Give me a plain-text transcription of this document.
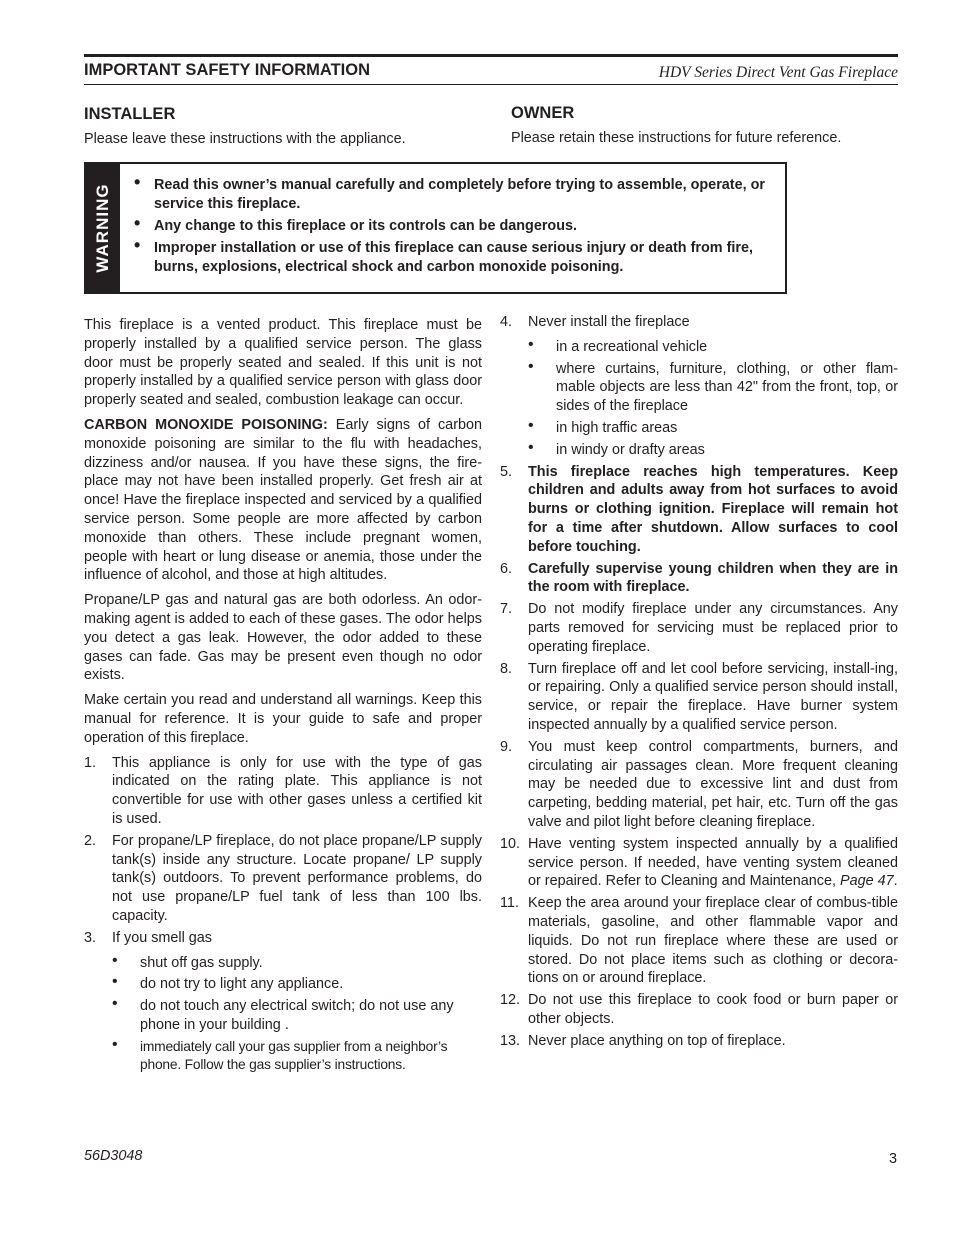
IMPORTANT SAFETY INFORMATION	HDV Series Direct Vent Gas Fireplace
INSTALLER
Please leave these instructions with the appliance.
OWNER
Please retain these instructions for future reference.
WARNING
•	Read this owner’s manual carefully and completely before trying to assemble, operate, or service this fireplace.
• Any change to this fireplace or its controls can be dangerous.
• Improper installation or use of this fireplace can cause serious injury or death from fire, burns, explosions, electrical shock and carbon monoxide poisoning.

This fireplace is a vented product. This fireplace must be properly installed by a qualified service person. The glass door must be properly seated and sealed. If this unit is not properly installed by a qualified service person with glass door properly seated and sealed, combustion leakage can occur.

CARBON MONOXIDE POISONING: Early signs of carbon monoxide poisoning are similar to the flu with headaches, dizziness and/or nausea. If you have these signs, the fire-place may not have been installed properly. Get fresh air at once! Have the fireplace inspected and serviced by a qualified service person. Some people are more affected by carbon monoxide than others. These include pregnant women, people with heart or lung disease or anemia, those under the influence of alcohol, and those at high altitudes.

Propane/LP gas and natural gas are both odorless. An odor-making agent is added to each of these gases. The odor helps you detect a gas leak. However, the odor added to these gases can fade. Gas may be present even though no odor exists.

Make certain you read and understand all warnings. Keep this manual for reference. It is your guide to safe and proper operation of this fireplace.

1. This appliance is only for use with the type of gas indicated on the rating plate. This appliance is not convertible for use with other gases unless a certified kit is used.
2. For propane/LP fireplace, do not place propane/LP supply tank(s) inside any structure. Locate propane/ LP supply tank(s) outdoors. To prevent performance problems, do not use propane/LP fuel tank of less than 100 lbs. capacity.
3. If you smell gas
• shut off gas supply.
• do not try to light any appliance.
• do not touch any electrical switch; do not use any phone in your building .
• immediately call your gas supplier from a neighbor’s phone. Follow the gas supplier’s instructions.
4. Never install the fireplace
• in a recreational vehicle
• where curtains, furniture, clothing, or other flam-mable objects are less than 42" from the front, top, or sides of the fireplace
• in high traffic areas
• in windy or drafty areas
5. This fireplace reaches high temperatures. Keep children and adults away from hot surfaces to avoid burns or clothing ignition. Fireplace will remain hot for a time after shutdown. Allow surfaces to cool before touching.
6. Carefully supervise young children when they are in the room with fireplace.
7. Do not modify fireplace under any circumstances. Any parts removed for servicing must be replaced prior to operating fireplace.
8. Turn fireplace off and let cool before servicing, install-ing, or repairing. Only a qualified service person should install, service, or repair the fireplace. Have burner system inspected annually by a qualified service person.
9. You must keep control compartments, burners, and circulating air passages clean. More frequent cleaning may be needed due to excessive lint and dust from carpeting, bedding material, pet hair, etc. Turn off the gas valve and pilot light before cleaning fireplace.
10. Have venting system inspected annually by a qualified service person. If needed, have venting system cleaned or repaired. Refer to Cleaning and Maintenance, Page 47.
11. Keep the area around your fireplace clear of combus-tible materials, gasoline, and other flammable vapor and liquids. Do not run fireplace where these are used or stored. Do not place items such as clothing or decora-tions on or around fireplace.
12. Do not use this fireplace to cook food or burn paper or other objects.
13. Never place anything on top of fireplace.
56D3048	3
